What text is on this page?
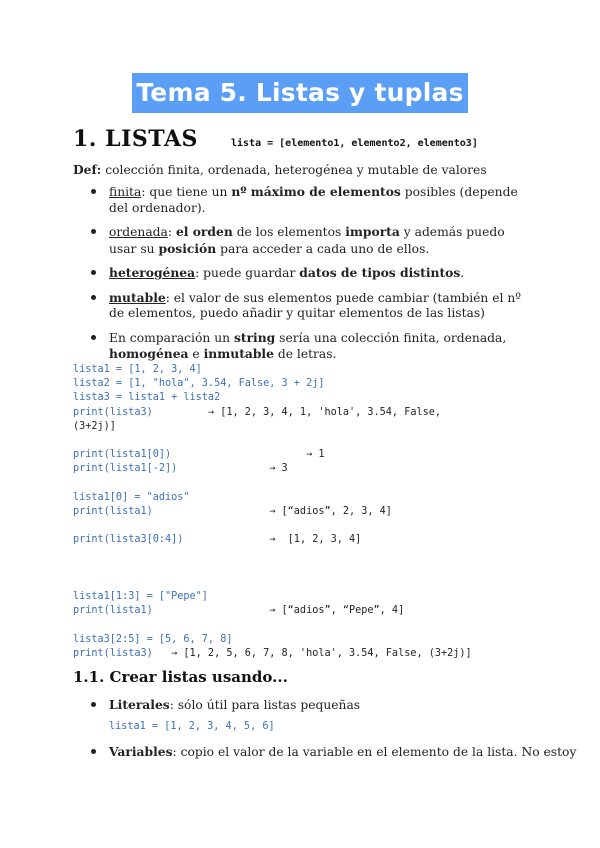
Tema 5. Listas y tuplas
1. LISTAS	lista = [elemento1, elemento2, elemento3]
Def: colección finita, ordenada, heterogénea y mutable de valores
finita: que tiene un nº máximo de elementos posibles (depende del ordenador).
ordenada: el orden de los elementos importa y además puedo usar su posición para acceder a cada uno de ellos.
heterogénea: puede guardar datos de tipos distintos.
mutable: el valor de sus elementos puede cambiar (también el nº de elementos, puedo añadir y quitar elementos de las listas)
En comparación un string sería una colección finita, ordenada, homogénea e inmutable de letras.
lista1 = [1, 2, 3, 4]
lista2 = [1, "hola", 3.54, False, 3 + 2j]
lista3 = lista1 + lista2
print(lista3)         → [1, 2, 3, 4, 1, 'hola', 3.54, False,
(3+2j)]
print(lista1[0])                      → 1
print(lista1[-2])               → 3
lista1[0] = "adios"
print(lista1)                   → [“adios”, 2, 3, 4]
print(lista3[0:4])              →  [1, 2, 3, 4]
lista1[1:3] = ["Pepe"]
print(lista1)                   → [“adios”, “Pepe”, 4]
lista3[2:5] = [5, 6, 7, 8]
print(lista3)   → [1, 2, 5, 6, 7, 8, 'hola', 3.54, False, (3+2j)]
1.1. Crear listas usando...
Literales: sólo útil para listas pequeñas
lista1 = [1, 2, 3, 4, 5, 6]
Variables: copio el valor de la variable en el elemento de la lista. No estoy
